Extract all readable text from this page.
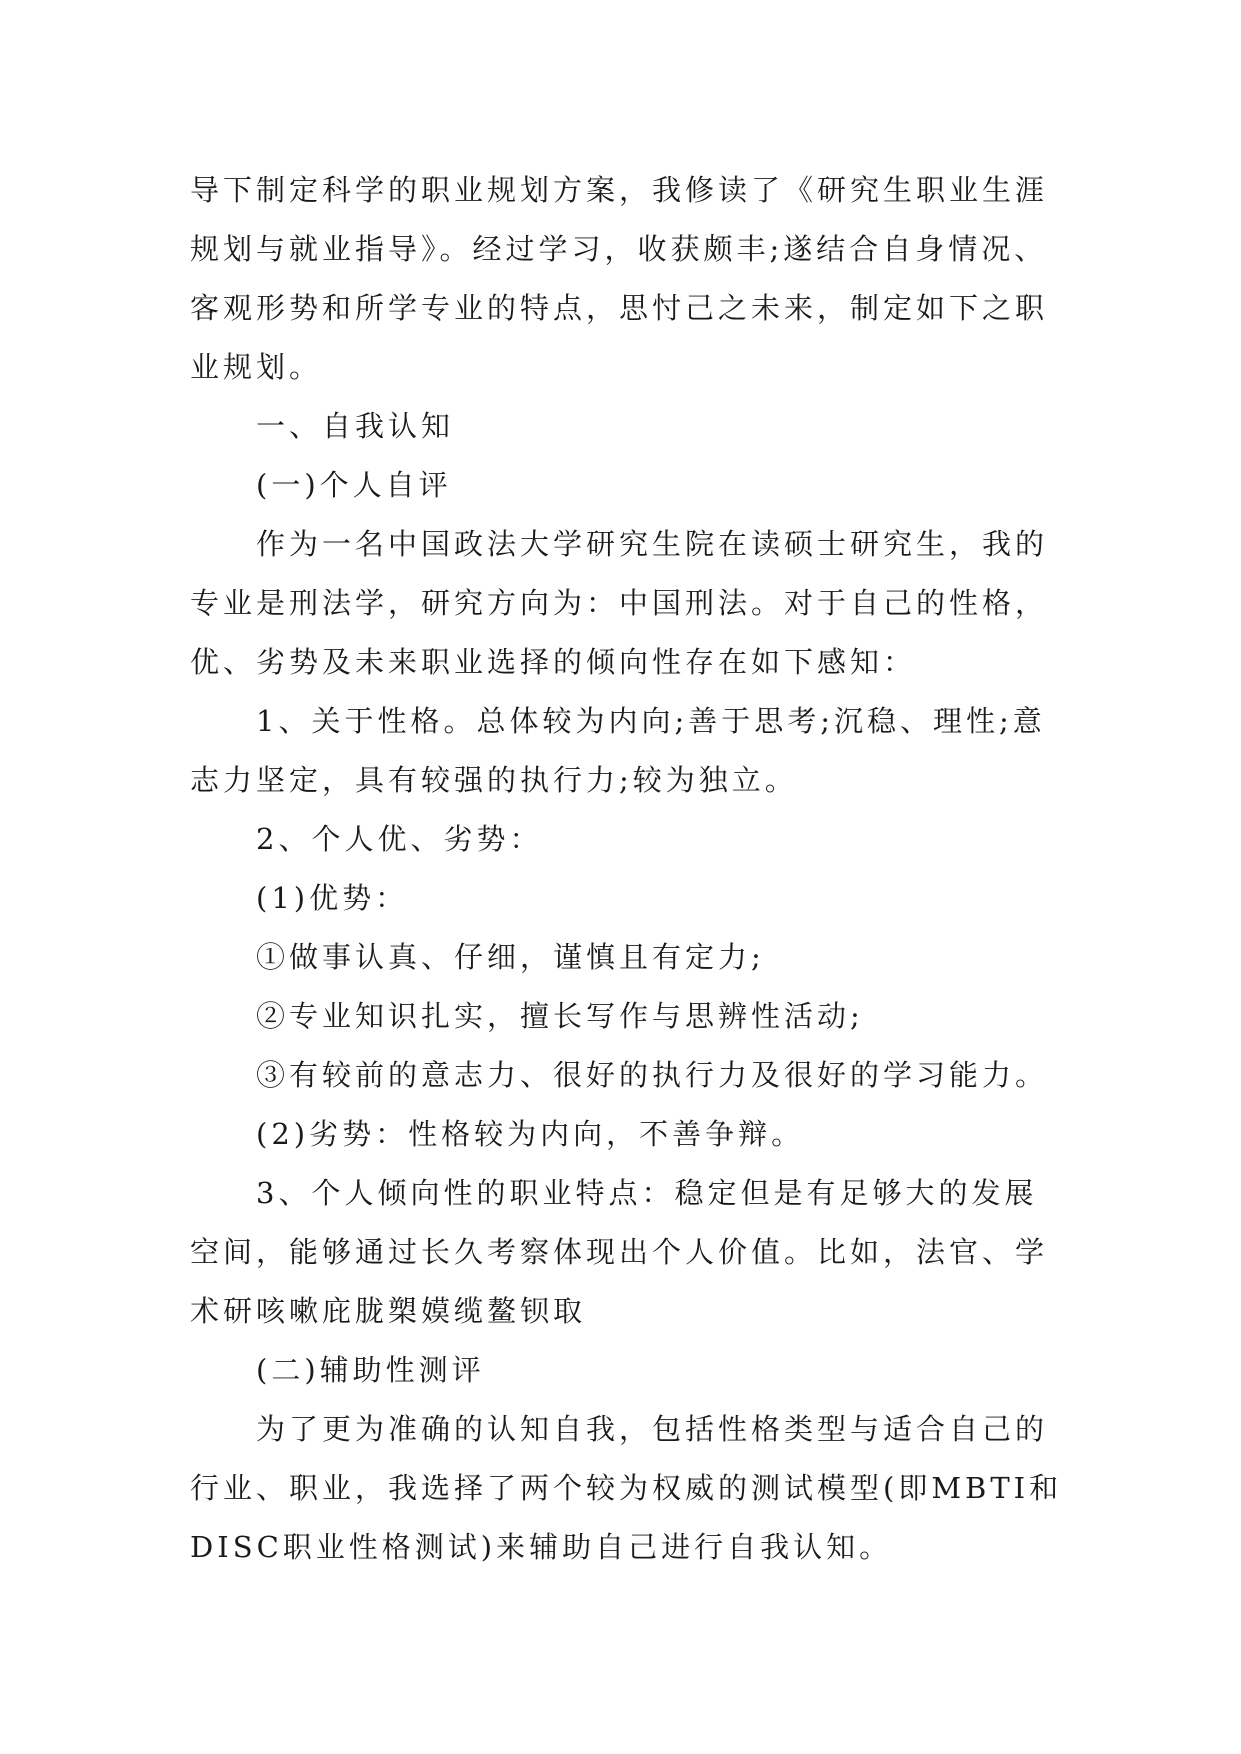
导下制定科学的职业规划方案，我修读了《研究生职业生涯规划与就业指导》。经过学习，收获颇丰;遂结合自身情况、客观形势和所学专业的特点，思忖己之未来，制定如下之职业规划。

一、自我认知

(一)个人自评

作为一名中国政法大学研究生院在读硕士研究生，我的专业是刑法学，研究方向为：中国刑法。对于自己的性格，优、劣势及未来职业选择的倾向性存在如下感知：

1、关于性格。总体较为内向;善于思考;沉稳、理性;意志力坚定，具有较强的执行力;较为独立。

2、个人优、劣势：

(1)优势：

①做事认真、仔细，谨慎且有定力;

②专业知识扎实，擅长写作与思辨性活动;

③有较前的意志力、很好的执行力及很好的学习能力。

(2)劣势：性格较为内向，不善争辩。

3、个人倾向性的职业特点：稳定但是有足够大的发展空间，能够通过长久考察体现出个人价值。比如，法官、学术研咳嗽庇胧槊嫫缆鳌钡取

(二)辅助性测评

为了更为准确的认知自我，包括性格类型与适合自己的行业、职业，我选择了两个较为权威的测试模型(即MBTI和DISC职业性格测试)来辅助自己进行自我认知。
